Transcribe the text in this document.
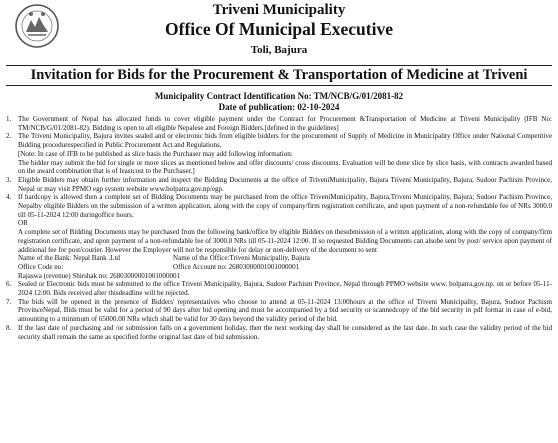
Triveni Municipality
Office Of Municipal Executive
Toli, Bajura
Invitation for Bids for the Procurement & Transportation of Medicine at Triveni
Municipality Contract Identification No: TM/NCB/G/01/2081-82
Date of publication: 02-10-2024
1. The Government of Nepal has allocated funds to cover eligible payment under the Contract for Procurement &Transportation of Medicine at Triveni Municipality (IFB No: TM/NCB/G/01/2081-82). Bidding is open to all eligible Nepalese and Foreign Bidders.[defined in the guidelines]
2. The Triveni Municipality, Bajura invites sealed and or electronic bids from eligible bidders for the procurement of Supply of Medicine in Municipality Office under National Competitive Bidding procedurespecified in Public Procurement Act and Regulations.
[Note: In case of IFB to be published as slice basis the Purchaser may add following information:
The bidder may submit the bid for single or more slices as mentioned below and offer discounts/ cross discounts. Evaluation will be done slice by slice basis, with contracts awarded based on the award combination that is of leastcost to the Purchaser.]
3. Eligible Bidders may obtain further information and inspect the Bidding Documents at the office of TriveniMunicipality, Bajura Triveni Municipality, Bajura, Sudoor Pachism Province, Nepal or may visit PPMO egp system website www.bolpatra.gov.np/egp.
4. If hardcopy is allowed then a complete set of Bidding Documents may be purchased from the office TriveniMunicipality, Bajura,Triveni Municipality, Bajura; Sudoor Pachism Province, Nepalby eligible Bidders on the submission of a written application, along with the copy of company/firm registration certificate, and upon payment of a non-refundable fee of NRs 3000.0 till 05-11-2024 12:00 duringoffice hours.
OR
A complete set of Bidding Documents may be purchased from the following bank/office by eligible Bidders on thesubmission of a written application, along with the copy of company/firm registration certificate, and upon payment of a non-refundable fee of 3000.0 NRs till 05-11-2024 12:00. If so requested Bidding Documents can alsobe sent by post/ service upon payment of additional fee for post/courier. However the Employer will not be responsible for delay or non-delivery of the document to sent
Name of the Bank: Nepal Bank .Ltd	Name of the Office:Triveni Municipality, Bajura
Office Code no:	Office Account no: 26803000001001000001
Rajaswa (revenue) Shirshak no: 26803000001001000001
6. Sealed or Electronic bids must be submitted to the office Triveni Municipality, Bajura, Sudoor Pachism Province, Nepal through PPMO website www. bolpatra.gov.np. on or before 05-11-2024 12:00. Bids received after thisdeadline will be rejected.
7. The bids will be opened in the presence of Bidders' representatives who choose to attend at 05-11-2024 13:00hours at the office of Triveni Municipality, Bajura, Sudoor Pachism ProvinceNepal, Bids must be valid for a period of 90 days after bid opening and must be accompanied by a bid security or scannedcopy of the bid security in pdf format in case of e-bid, amounting to a minimum of 65000.00 NRs which shall be valid for 30 days beyond the validity period of the bid.
8. If the last date of purchasing and /or submission falls on a government holiday, then the next working day shall be considered as the last date. In such case the validity period of the bid security shall remain the same as specified forthe original last date of bid submission.
